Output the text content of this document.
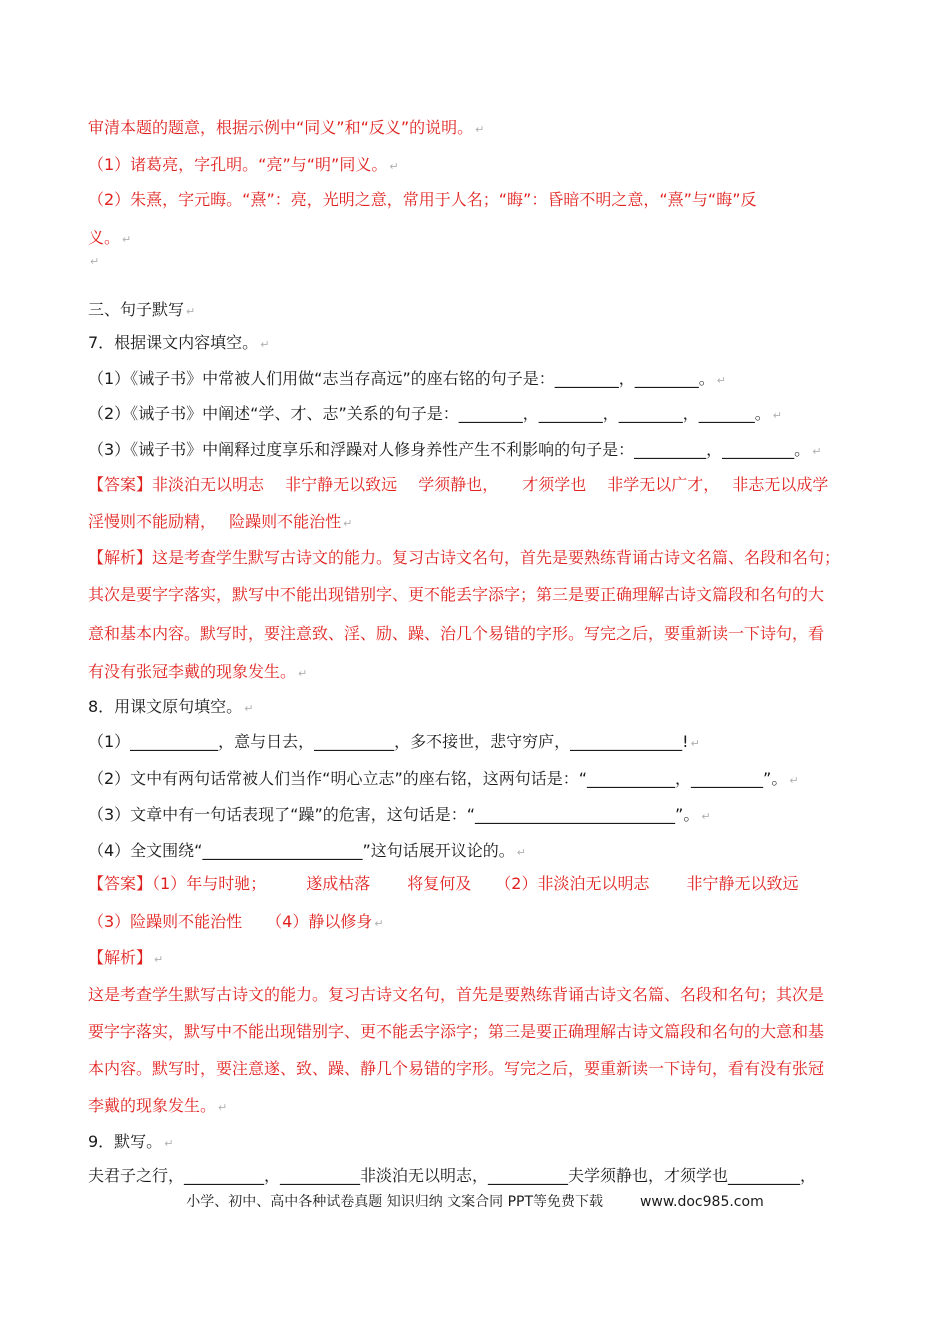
审清本题的题意，根据示例中“同义”和“反义”的说明。 ↵
（1）诸葛亮，字孔明。“亮”与“明”同义。 ↵
（2）朱熹，字元晦。“熹”：亮，光明之意，常用于人名；“晦”：昏暗不明之意，“熹”与“晦”反
义。 ↵
↵
三、句子默写 ↵
7．根据课文内容填空。 ↵
（1）《诫子书》中常被人们用做“志当存高远”的座右铭的句子是：________，________。 ↵
（2）《诫子书》中阐述“学、才、志”关系的句子是：________，________，________，_______。 ↵
（3）《诫子书》中阐释过度享乐和浮躁对人修身养性产生不利影响的句子是：_________，_________。 ↵
【答案】非淡泊无以明志　 非宁静无以致远　 学须静也，　　才须学也　 非学无以广才，　 非志无以成学
淫慢则不能励精，　 险躁则不能治性 ↵
【解析】这是考查学生默写古诗文的能力。复习古诗文名句，首先是要熟练背诵古诗文名篇、名段和名句；
其次是要字字落实，默写中不能出现错别字、更不能丢字添字；第三是要正确理解古诗文篇段和名句的大
意和基本内容。默写时，要注意致、淫、励、躁、治几个易错的字形。写完之后，要重新读一下诗句，看
有没有张冠李戴的现象发生。 ↵
8．用课文原句填空。 ↵
（1）___________，意与日去，__________，多不接世，悲守穷庐，______________! ↵
（2）文中有两句话常被人们当作“明心立志”的座右铭，这两句话是：“___________，_________”。 ↵
（3）文章中有一句话表现了“躁”的危害，这句话是：“_________________________”。 ↵
（4）全文围绕“____________________”这句话展开议论的。 ↵
【答案】（1）年与时驰；　　　遂成枯落　　 将复何及　　（2）非淡泊无以明志　　 非宁静无以致远
（3）险躁则不能治性　　（4）静以修身 ↵
【解析】 ↵
这是考查学生默写古诗文的能力。复习古诗文名句，首先是要熟练背诵古诗文名篇、名段和名句；其次是
要字字落实，默写中不能出现错别字、更不能丢字添字；第三是要正确理解古诗文篇段和名句的大意和基
本内容。默写时，要注意遂、致、躁、静几个易错的字形。写完之后，要重新读一下诗句，看有没有张冠
李戴的现象发生。 ↵
9．默写。 ↵
夫君子之行，__________，__________非淡泊无以明志，__________夫学须静也，才须学也_________，
小学、初中、高中各种试卷真题 知识归纳 文案合同 PPT等免费下载	www.doc985.com
